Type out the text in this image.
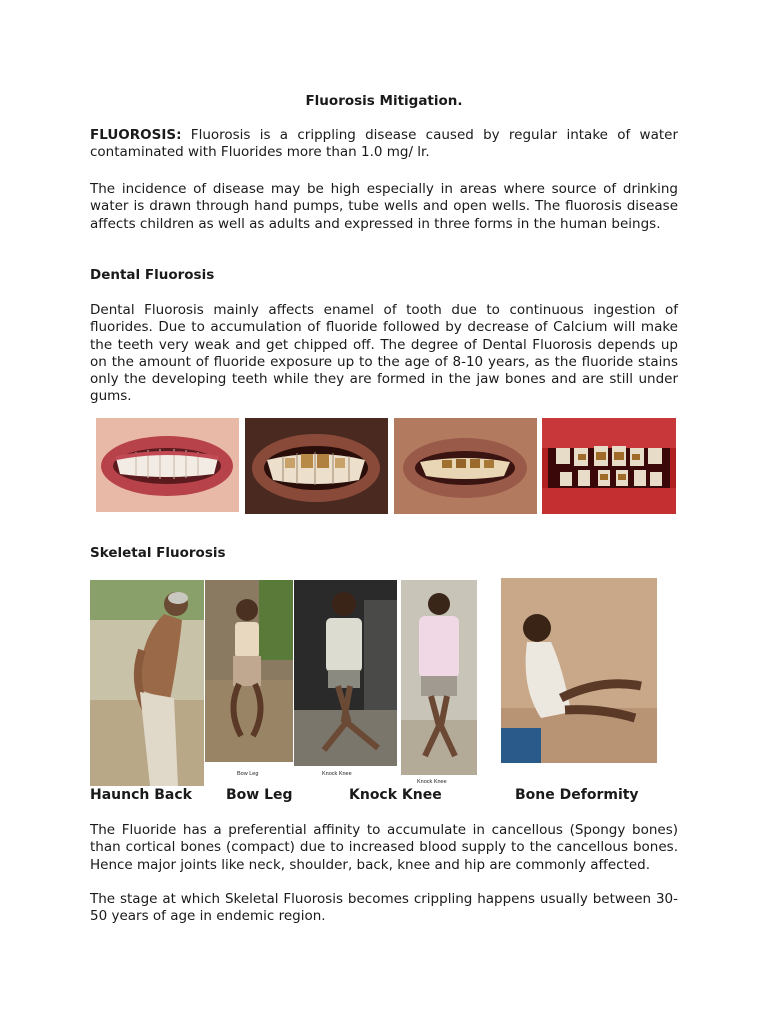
Fluorosis Mitigation.

FLUOROSIS: Fluorosis is a crippling disease caused by regular intake of water contaminated with Fluorides more than 1.0 mg/ lr.

The incidence of disease may be high especially in areas where source of drinking water is drawn through hand pumps, tube wells and open wells. The fluorosis disease affects children as well as adults and expressed in three forms in the human beings.

Dental Fluorosis

Dental Fluorosis mainly affects enamel of tooth due to continuous ingestion of fluorides. Due to accumulation of fluoride followed by decrease of Calcium will make the teeth very weak and get chipped off. The degree of Dental Fluorosis depends up on the amount of fluoride exposure up to the age of 8-10 years, as the fluoride stains only the developing teeth while they are formed in the jaw bones and are still under gums.

Skeletal Fluorosis

Bow Leg	Knock Knee
Knock Knee
Haunch Back Bow Leg	Knock Knee	Bone Deformity

The Fluoride has a preferential affinity to accumulate in cancellous (Spongy bones) than cortical bones (compact) due to increased blood supply to the cancellous bones. Hence major joints like neck, shoulder, back, knee and hip are commonly affected.

The stage at which Skeletal Fluorosis becomes crippling happens usually between 30-50 years of age in endemic region.
